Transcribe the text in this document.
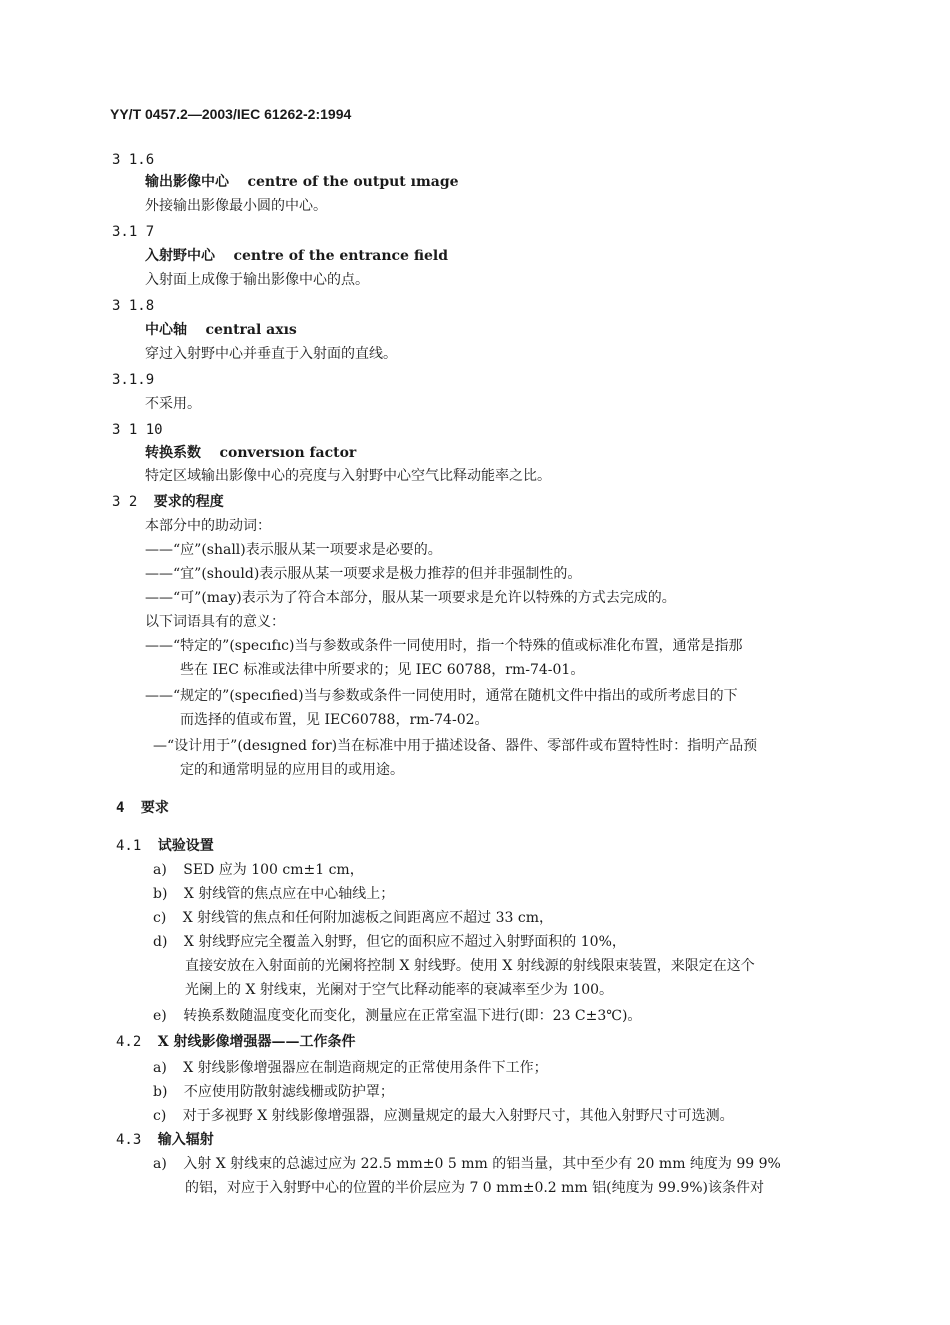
YY/T 0457.2—2003/IEC 61262-2:1994
3 1.6
输出影像中心 centre of the output ımage
外接输出影像最小圆的中心。
3.1 7
入射野中心 centre of the entrance field
入射面上成像于输出影像中心的点。
3 1.8
中心轴 central axıs
穿过入射野中心并垂直于入射面的直线。
3.1.9
不采用。
3 1 10
转换系数 conversıon factor
特定区域输出影像中心的亮度与入射野中心空气比释动能率之比。
3 2 要求的程度
本部分中的助动词：
——“应”(shall)表示服从某一项要求是必要的。
——“宜”(should)表示服从某一项要求是极力推荐的但并非强制性的。
——“可”(may)表示为了符合本部分，服从某一项要求是允许以特殊的方式去完成的。
以下词语具有的意义：
——“特定的”(specıfıc)当与参数或条件一同使用时，指一个特殊的值或标准化布置，通常是指那
些在 IEC 标准或法律中所要求的；见 IEC 60788，rm-74-01。
——“规定的”(specıfied)当与参数或条件一同使用时，通常在随机文件中指出的或所考虑目的下
而选择的值或布置，见 IEC60788，rm-74-02。
—“设计用于”(desıgned for)当在标准中用于描述设备、器件、零部件或布置特性时：指明产品预
定的和通常明显的应用目的或用途。
4 要求
4.1 试验设置
a) SED 应为 100 cm±1 cm，
b) X 射线管的焦点应在中心轴线上；
c) X 射线管的焦点和任何附加滤板之间距离应不超过 33 cm，
d) X 射线野应完全覆盖入射野，但它的面积应不超过入射野面积的 10%，
直接安放在入射面前的光阑将控制 X 射线野。使用 X 射线源的射线限束装置，来限定在这个
光阑上的 X 射线束，光阑对于空气比释动能率的衰减率至少为 100。
e) 转换系数随温度变化而变化，测量应在正常室温下进行(即：23 C±3℃)。
4.2 X 射线影像增强器——工作条件
a) X 射线影像增强器应在制造商规定的正常使用条件下工作；
b) 不应使用防散射滤线栅或防护罩；
c) 对于多视野 X 射线影像增强器，应测量规定的最大入射野尺寸，其他入射野尺寸可选测。
4.3 输入辐射
a) 入射 X 射线束的总滤过应为 22.5 mm±0 5 mm 的铝当量，其中至少有 20 mm 纯度为 99 9%
的铝，对应于入射野中心的位置的半价层应为 7 0 mm±0.2 mm 铝(纯度为 99.9%)该条件对
